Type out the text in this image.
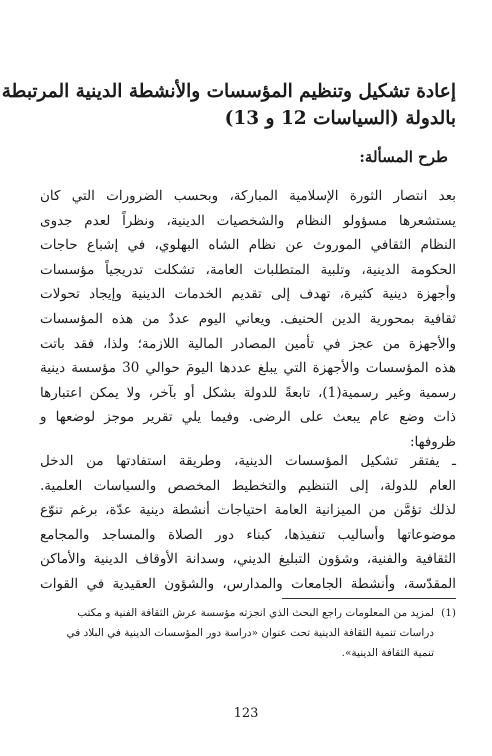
إعادة تشكيل وتنظيم المؤسسات والأنشطة الدينية المرتبطة
بالدولة (السياسات 12 و 13)
طرح المسألة:
بعد انتصار الثورة الإسلامية المباركة، وبحسب الضرورات التي كان
يستشعرها مسؤولو النظام والشخصيات الدينية، ونظراً لعدم جدوى
النظام الثقافي الموروث عن نظام الشاه البهلوي، في إشباع حاجات
الحكومة الدينية، وتلبية المتطلبات العامة، تشكلت تدريجياً مؤسسات
وأجهزة دينية كثيرة، تهدف إلى تقديم الخدمات الدينية وإيجاد تحولات
ثقافية بمحورية الدين الحنيف. ويعاني اليوم عددٌ من هذه المؤسسات
والأجهزة من عجز في تأمين المصادر المالية اللازمة؛ ولذا، فقد باتت
هذه المؤسسات والأجهزة التي يبلغ عددها اليومَ حوالي 30 مؤسسة دينية
رسمية وغير رسمية(1)، تابعةً للدولة بشكل أو بآخر، ولا يمكن اعتبارها
ذات وضع عام يبعث على الرضى. وفيما يلي تقرير موجز لوضعها و
ظروفها:
ـ يفتقر تشكيل المؤسسات الدينية، وطريقة استفادتها من الدخل
العام للدولة، إلى التنظيم والتخطيط المخصص والسياسات العلمية.
لذلك تؤمَّن من الميزانية العامة احتياجات أنشطة دينية عدّة، برغم تنوّع
موضوعاتها وأساليب تنفيذها، كبناء دور الصلاة والمساجد والمجامع
الثقافية والفنية، وشؤون التبليغ الديني، وسدانة الأوقاف الدينية والأماكن
المقدّسة، وأنشطة الجامعات والمدارس، والشؤون العقيدية في القوات
(1)لمزيد من المعلومات راجع البحث الذي انجزته مؤسسة عرش الثقافة الفنية و مكتب
دراسات تنمية الثقافة الدينية تحت عنوان «دراسة دور المؤسسات الدينية في البلاد في
تنمية الثقافة الدينية».

123
